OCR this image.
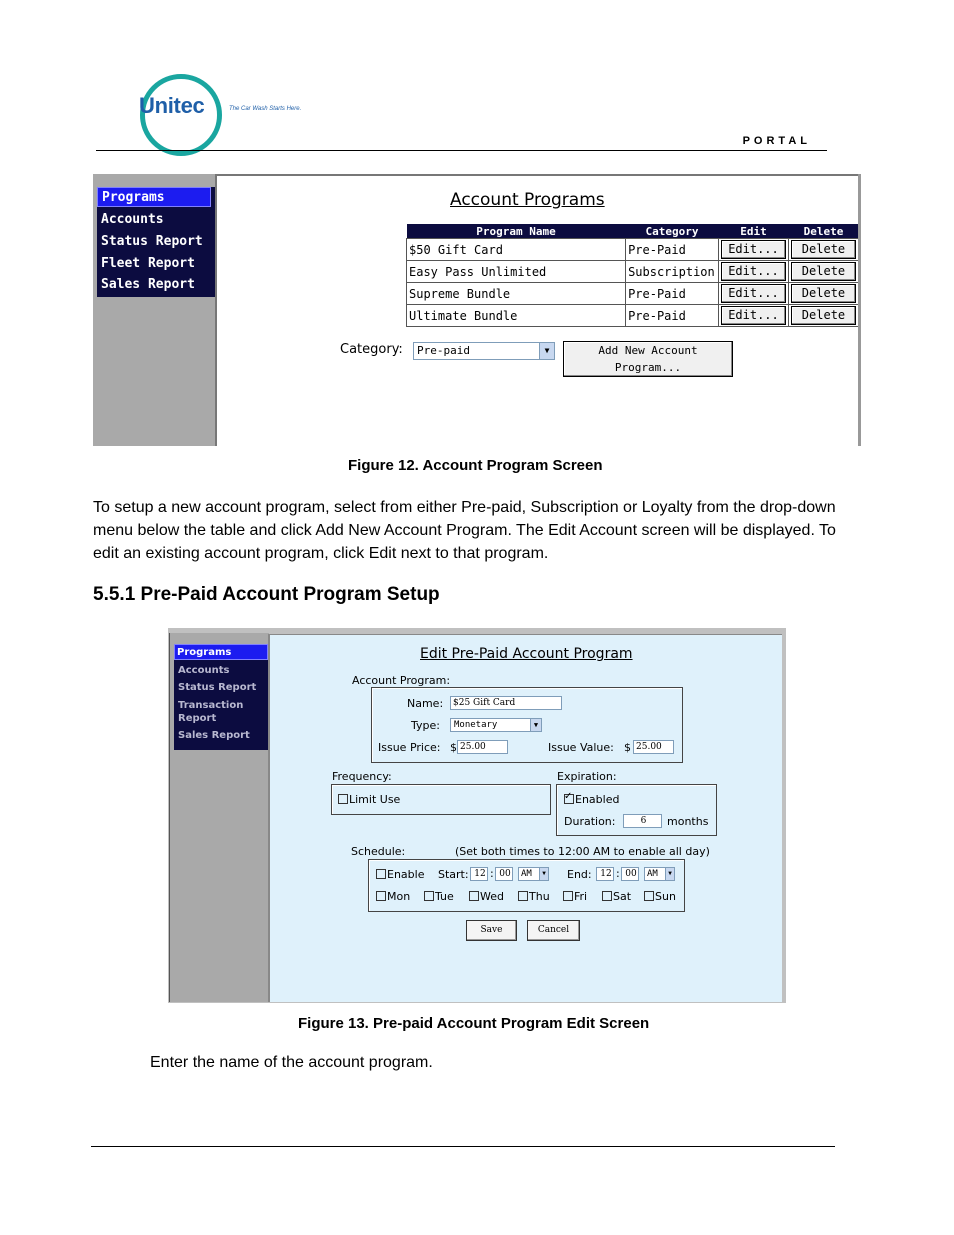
Unitec	The Car Wash Starts Here.
PORTAL
Programs
Accounts
Status Report
Fleet Report
Sales Report
Account Programs
Program Name	Category	Edit	Delete
$50 Gift Card	Pre-Paid	Edit...	Delete
Easy Pass Unlimited	Subscription	Edit...	Delete
Supreme Bundle	Pre-Paid	Edit...	Delete
Ultimate Bundle	Pre-Paid	Edit...	Delete
Category:	Pre-paid	▼	Add New Account Program...
Figure 12. Account Program Screen
To setup a new account program, select from either Pre-paid, Subscription or Loyalty from the drop-down menu below the table and click Add New Account Program. The Edit Account screen will be displayed. To edit an existing account program, click Edit next to that program.
5.5.1 Pre-Paid Account Program Setup
Programs
Accounts
Status Report
Transaction Report
Sales Report
Edit Pre-Paid Account Program
Account Program:
Name:	$25 Gift Card
Type:	Monetary	▼
Issue Price: $ 25.00	Issue Value: $ 25.00
Frequency:
Limit Use
Expiration:
✓Enabled
Duration:	6	months
Schedule:	(Set both times to 12:00 AM to enable all day)
Enable Start: 12 : 00	AM	▼ End: 12 : 00	AM	▼
Mon	Tue	Wed	Thu	Fri	Sat	Sun
Save	Cancel
Figure 13. Pre-paid Account Program Edit Screen
Enter the name of the account program.
